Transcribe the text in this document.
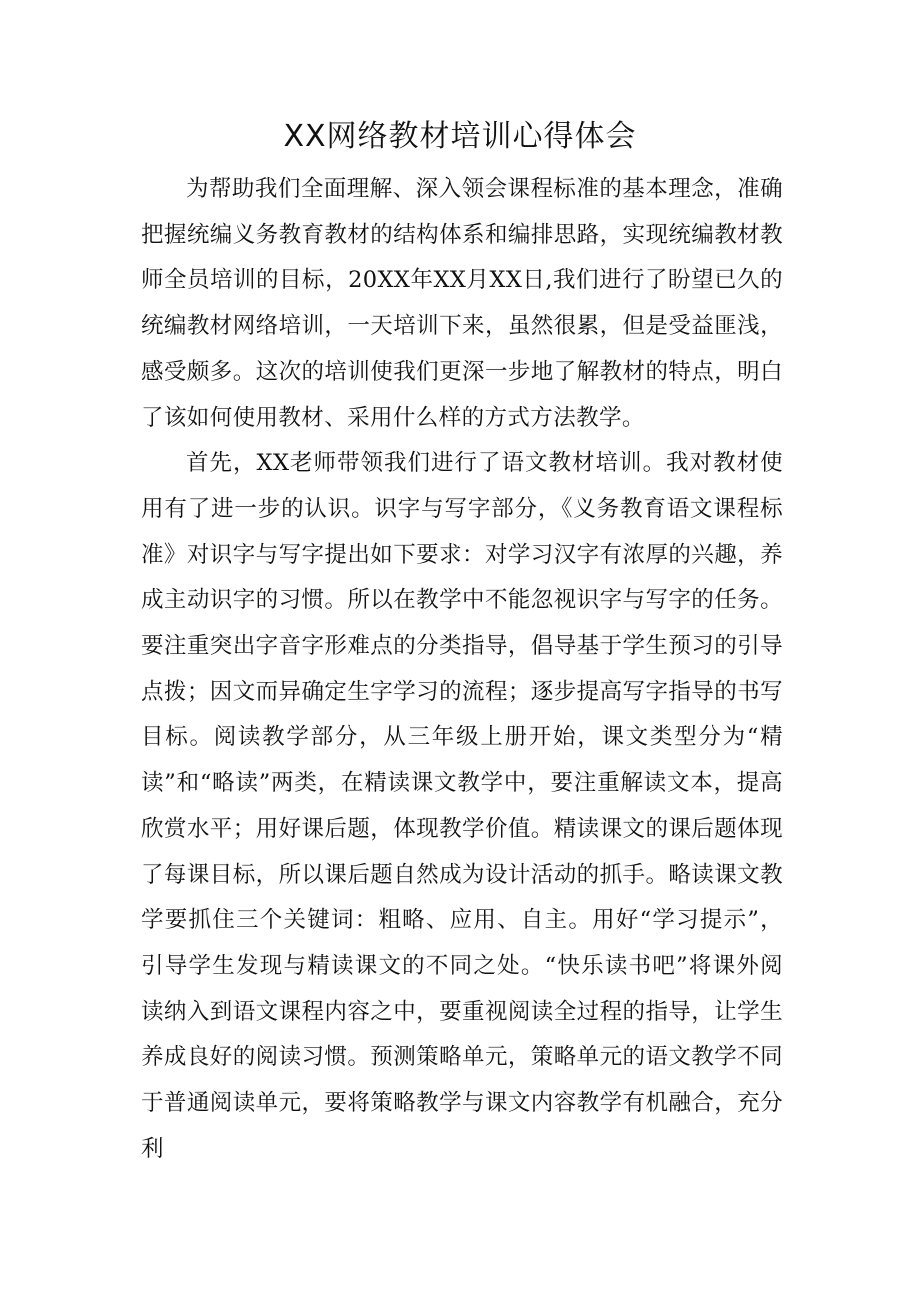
XX网络教材培训心得体会

为帮助我们全面理解、深入领会课程标准的基本理念，准确把握统编义务教育教材的结构体系和编排思路，实现统编教材教师全员培训的目标，20XX年XX月XX日,我们进行了盼望已久的统编教材网络培训，一天培训下来，虽然很累，但是受益匪浅，感受颇多。这次的培训使我们更深一步地了解教材的特点，明白了该如何使用教材、采用什么样的方式方法教学。

首先，XX老师带领我们进行了语文教材培训。我对教材使用有了进一步的认识。识字与写字部分，《义务教育语文课程标准》对识字与写字提出如下要求：对学习汉字有浓厚的兴趣，养成主动识字的习惯。所以在教学中不能忽视识字与写字的任务。要注重突出字音字形难点的分类指导，倡导基于学生预习的引导点拨；因文而异确定生字学习的流程；逐步提高写字指导的书写目标。阅读教学部分，从三年级上册开始，课文类型分为“精读”和“略读”两类，在精读课文教学中，要注重解读文本，提高欣赏水平；用好课后题，体现教学价值。精读课文的课后题体现了每课目标，所以课后题自然成为设计活动的抓手。略读课文教学要抓住三个关键词：粗略、应用、自主。用好“学习提示”，引导学生发现与精读课文的不同之处。“快乐读书吧”将课外阅读纳入到语文课程内容之中，要重视阅读全过程的指导，让学生养成良好的阅读习惯。预测策略单元，策略单元的语文教学不同于普通阅读单元，要将策略教学与课文内容教学有机融合，充分利
